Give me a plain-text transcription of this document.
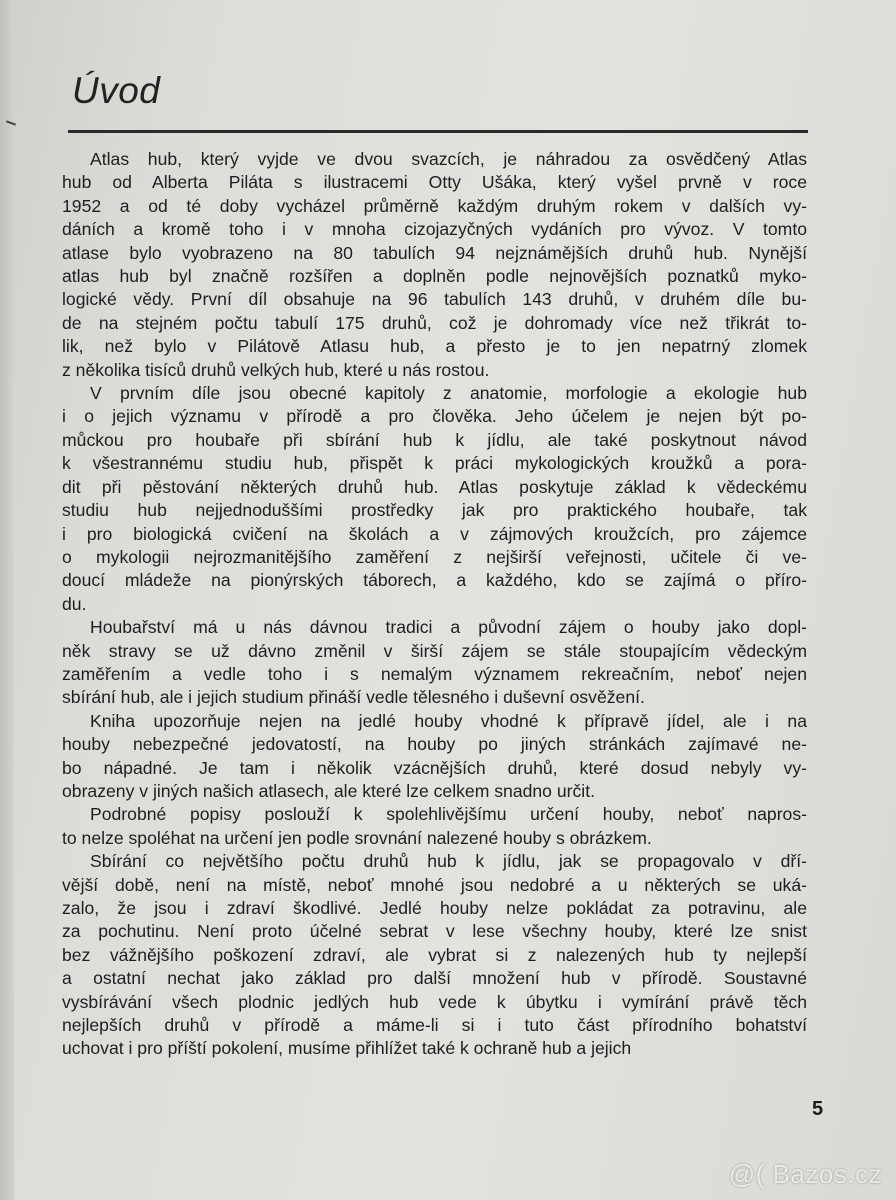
Úvod

Atlas hub, který vyjde ve dvou svazcích, je náhradou za osvědčený Atlas
hub od Alberta Piláta s ilustracemi Otty Ušáka, který vyšel prvně v roce
1952 a od té doby vycházel průměrně každým druhým rokem v dalších vy-
dáních a kromě toho i v mnoha cizojazyčných vydáních pro vývoz. V tomto
atlase bylo vyobrazeno na 80 tabulích 94 nejznámějších druhů hub. Nynější
atlas hub byl značně rozšířen a doplněn podle nejnovějších poznatků myko-
logické vědy. První díl obsahuje na 96 tabulích 143 druhů, v druhém díle bu-
de na stejném počtu tabulí 175 druhů, což je dohromady více než třikrát to-
lik, než bylo v Pilátově Atlasu hub, a přesto je to jen nepatrný zlomek
z několika tisíců druhů velkých hub, které u nás rostou.

V prvním díle jsou obecné kapitoly z anatomie, morfologie a ekologie hub
i o jejich významu v přírodě a pro člověka. Jeho účelem je nejen být po-
můckou pro houbaře při sbírání hub k jídlu, ale také poskytnout návod
k všestrannému studiu hub, přispět k práci mykologických kroužků a pora-
dit při pěstování některých druhů hub. Atlas poskytuje základ k vědeckému
studiu hub nejjednoduššími prostředky jak pro praktického houbaře, tak
i pro biologická cvičení na školách a v zájmových kroužcích, pro zájemce
o mykologii nejrozmanitějšího zaměření z nejširší veřejnosti, učitele či ve-
doucí mládeže na pionýrských táborech, a každého, kdo se zajímá o příro-
du.

Houbařství má u nás dávnou tradici a původní zájem o houby jako dopl-
něk stravy se už dávno změnil v širší zájem se stále stoupajícím vědeckým
zaměřením a vedle toho i s nemalým významem rekreačním, neboť nejen
sbírání hub, ale i jejich studium přináší vedle tělesného i duševní osvěžení.

Kniha upozorňuje nejen na jedlé houby vhodné k přípravě jídel, ale i na
houby nebezpečné jedovatostí, na houby po jiných stránkách zajímavé ne-
bo nápadné. Je tam i několik vzácnějších druhů, které dosud nebyly vy-
obrazeny v jiných našich atlasech, ale které lze celkem snadno určit.

Podrobné popisy poslouží k spolehlivějšímu určení houby, neboť napros-
to nelze spoléhat na určení jen podle srovnání nalezené houby s obrázkem.

Sbírání co největšího počtu druhů hub k jídlu, jak se propagovalo v dří-
vější době, není na místě, neboť mnohé jsou nedobré a u některých se uká-
zalo, že jsou i zdraví škodlivé. Jedlé houby nelze pokládat za potravinu, ale
za pochutinu. Není proto účelné sebrat v lese všechny houby, které lze snist
bez vážnějšího poškození zdraví, ale vybrat si z nalezených hub ty nejlepší
a ostatní nechat jako základ pro další množení hub v přírodě. Soustavné
vysbírávání všech plodnic jedlých hub vede k úbytku i vymírání právě těch
nejlepších druhů v přírodě a máme-li si i tuto část přírodního bohatství
uchovat i pro příští pokolení, musíme přihlížet také k ochraně hub a jejich

5
@( Bazos.cz
